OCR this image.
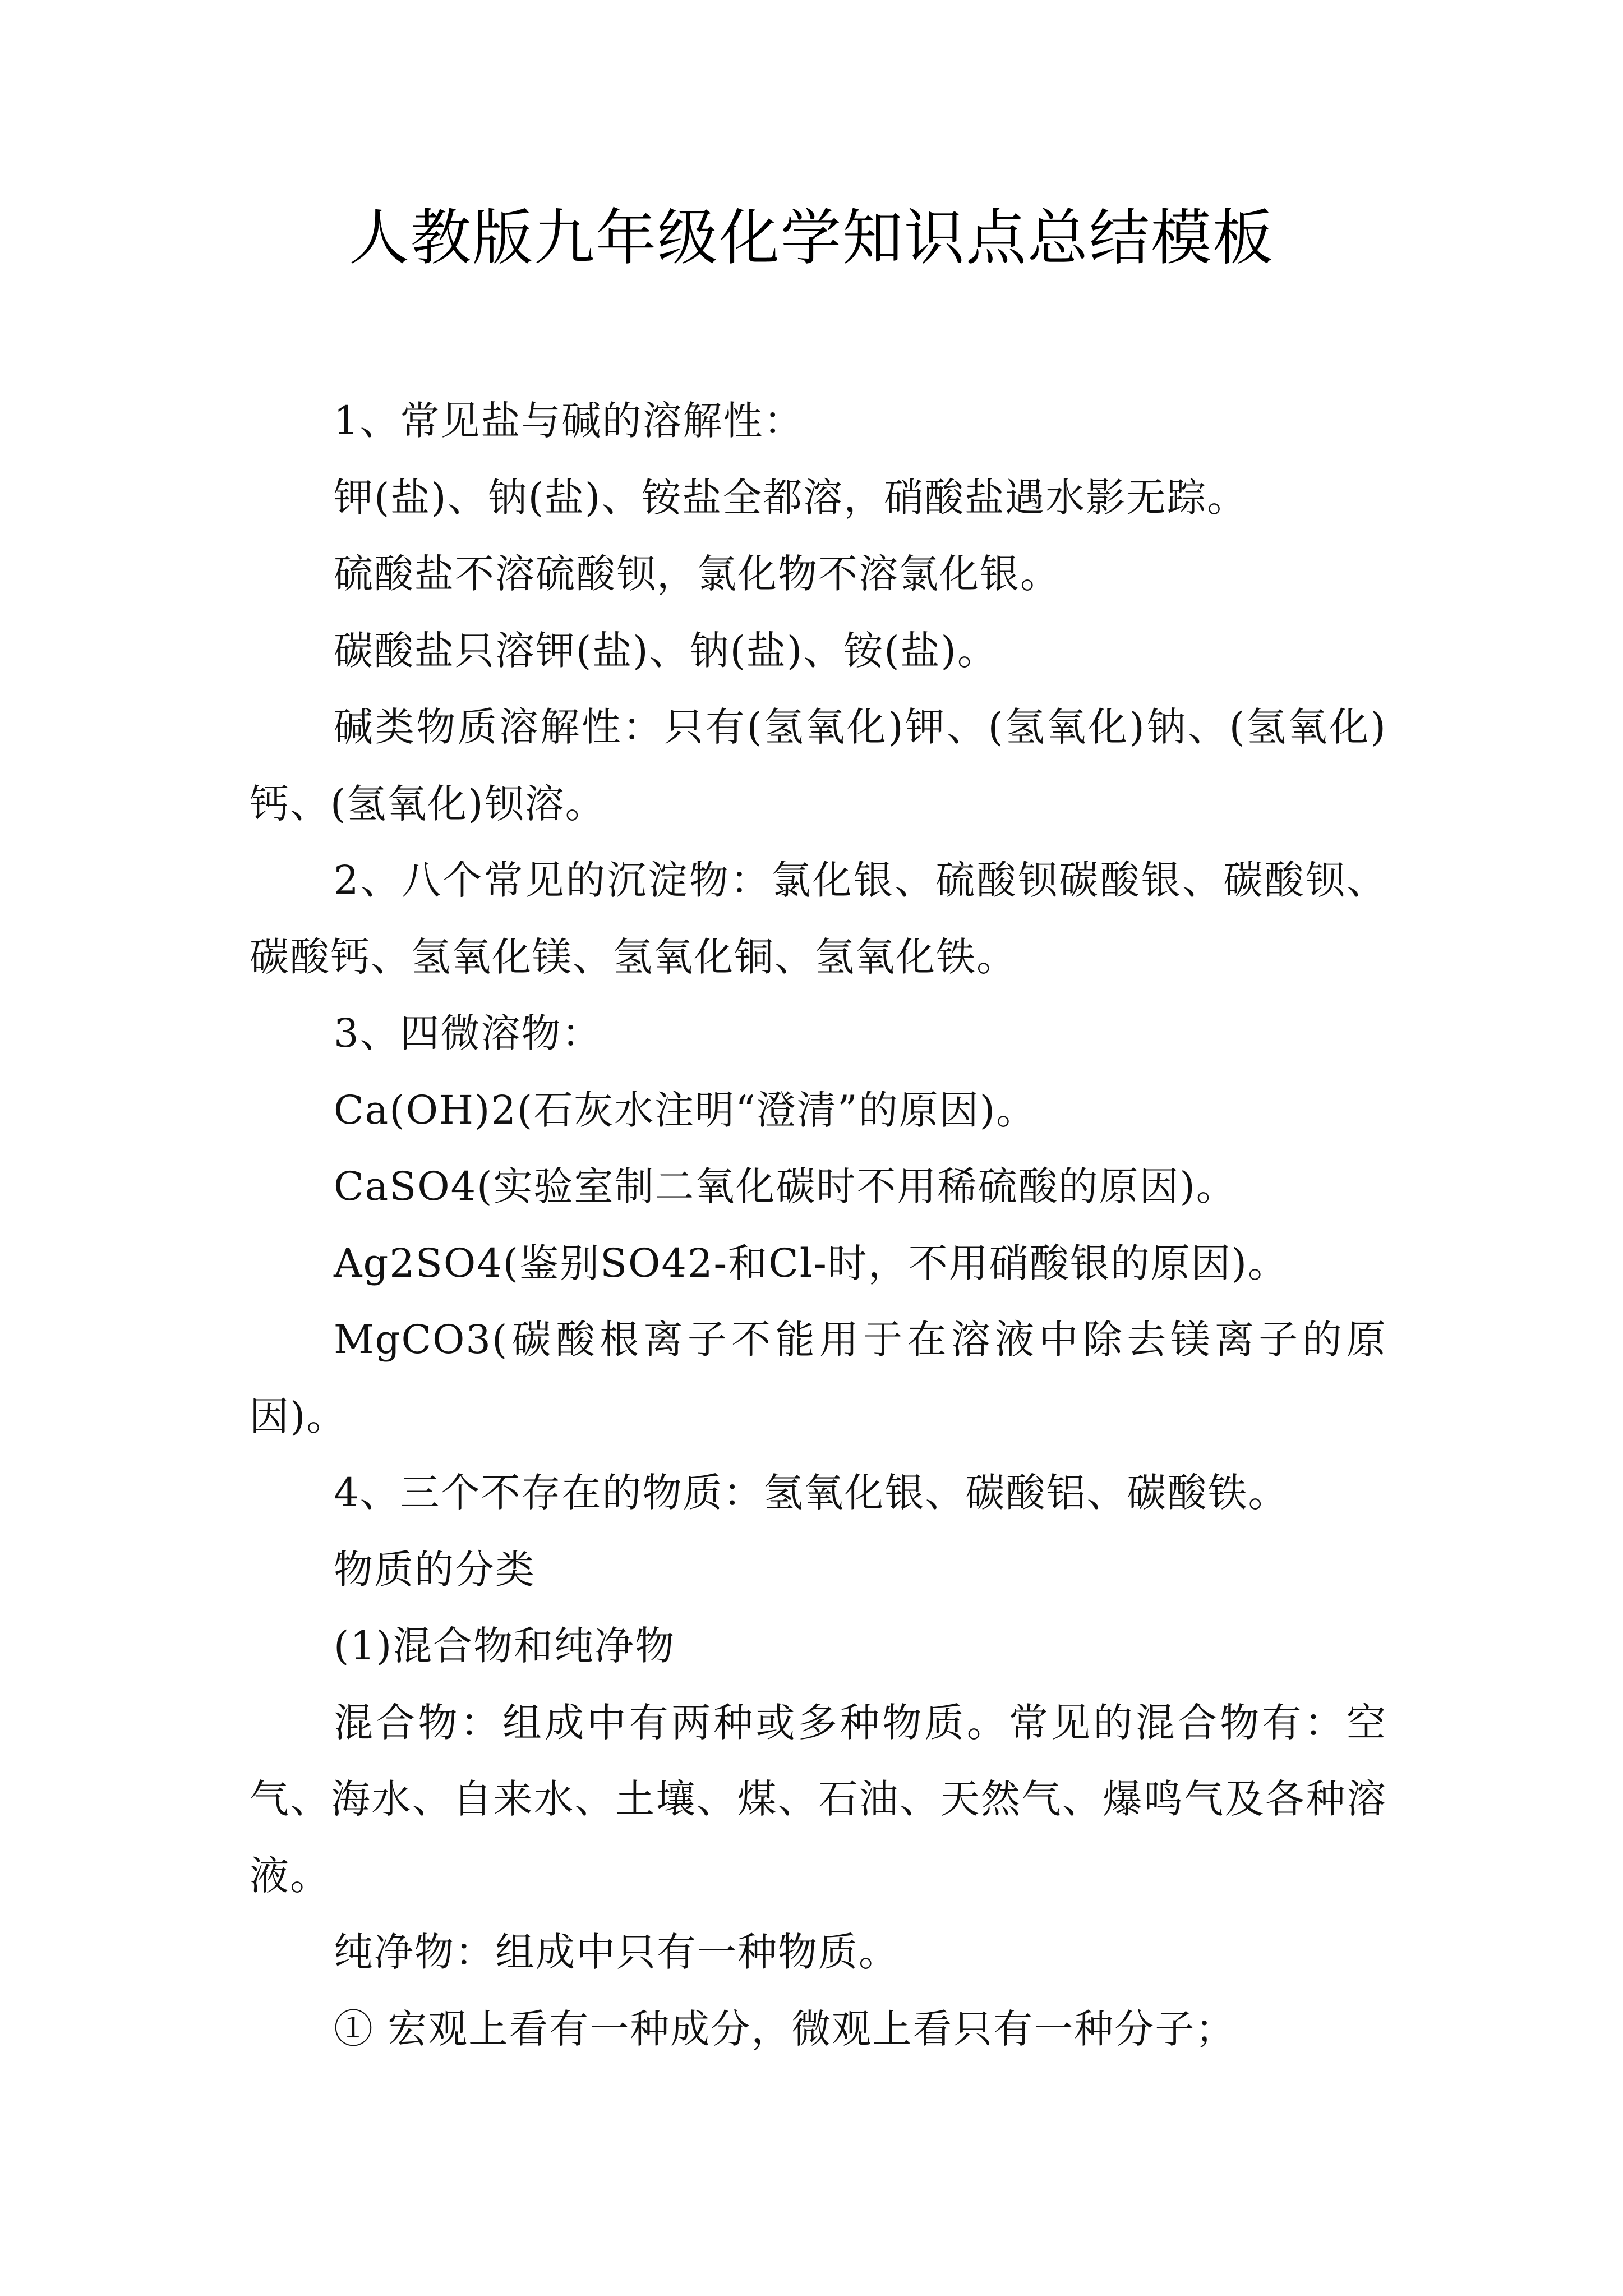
人教版九年级化学知识点总结模板

1、常见盐与碱的溶解性：

钾(盐)、钠(盐)、铵盐全都溶，硝酸盐遇水影无踪。

硫酸盐不溶硫酸钡，氯化物不溶氯化银。

碳酸盐只溶钾(盐)、钠(盐)、铵(盐)。

碱类物质溶解性：只有(氢氧化)钾、(氢氧化)钠、(氢氧化)钙、(氢氧化)钡溶。

2、八个常见的沉淀物：氯化银、硫酸钡碳酸银、碳酸钡、碳酸钙、氢氧化镁、氢氧化铜、氢氧化铁。

3、四微溶物：

Ca(OH)2(石灰水注明“澄清”的原因)。

CaSO4(实验室制二氧化碳时不用稀硫酸的原因)。

Ag2SO4(鉴别SO42-和Cl-时，不用硝酸银的原因)。

MgCO3(碳酸根离子不能用于在溶液中除去镁离子的原因)。

4、三个不存在的物质：氢氧化银、碳酸铝、碳酸铁。

物质的分类

(1)混合物和纯净物

混合物：组成中有两种或多种物质。常见的混合物有：空气、海水、自来水、土壤、煤、石油、天然气、爆鸣气及各种溶液。

纯净物：组成中只有一种物质。

① 宏观上看有一种成分，微观上看只有一种分子；
